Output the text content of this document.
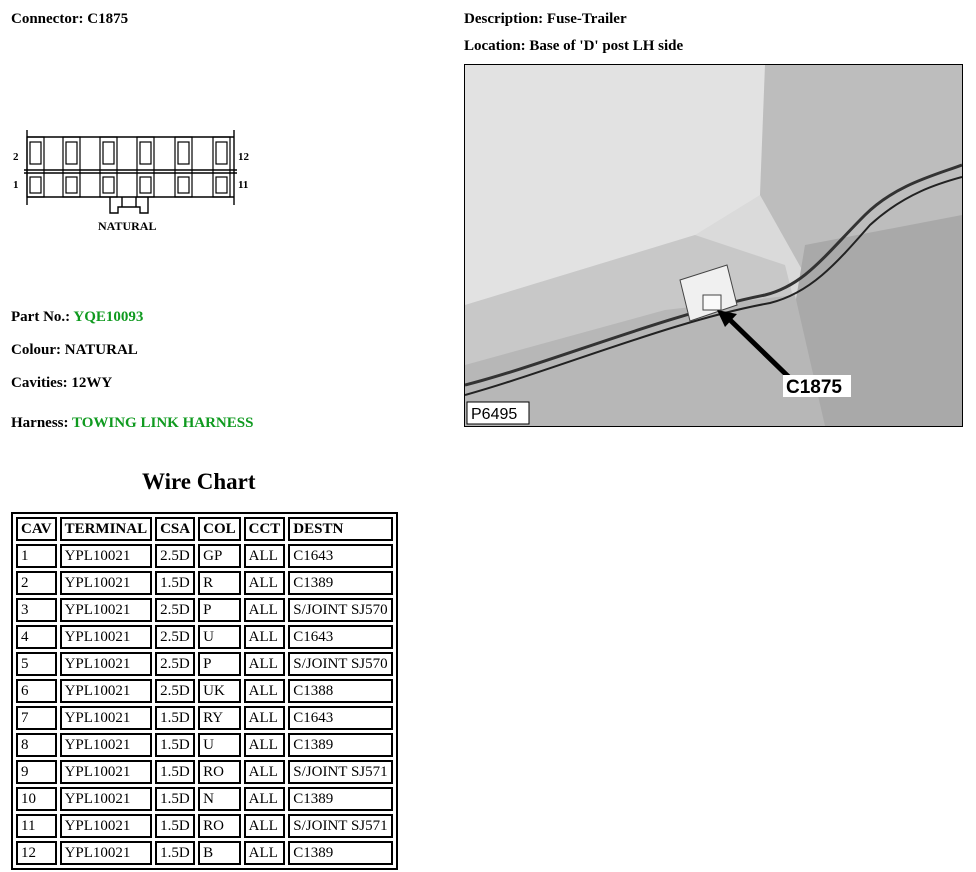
Connector: C1875	Description: Fuse-Trailer
Location: Base of 'D' post LH side
2
1
12
11
NATURAL
C1875
P6495
Part No.: YQE10093
Colour: NATURAL
Cavities: 12WY
Harness: TOWING LINK HARNESS
Wire Chart
CAV	TERMINAL	CSA	COL	CCT	DESTN
1	YPL10021	2.5D	GP	ALL	C1643
2	YPL10021	1.5D	R	ALL	C1389
3	YPL10021	2.5D	P	ALL	S/JOINT SJ570
4	YPL10021	2.5D	U	ALL	C1643
5	YPL10021	2.5D	P	ALL	S/JOINT SJ570
6	YPL10021	2.5D	UK	ALL	C1388
7	YPL10021	1.5D	RY	ALL	C1643
8	YPL10021	1.5D	U	ALL	C1389
9	YPL10021	1.5D	RO	ALL	S/JOINT SJ571
10	YPL10021	1.5D	N	ALL	C1389
11	YPL10021	1.5D	RO	ALL	S/JOINT SJ571
12	YPL10021	1.5D	B	ALL	C1389
